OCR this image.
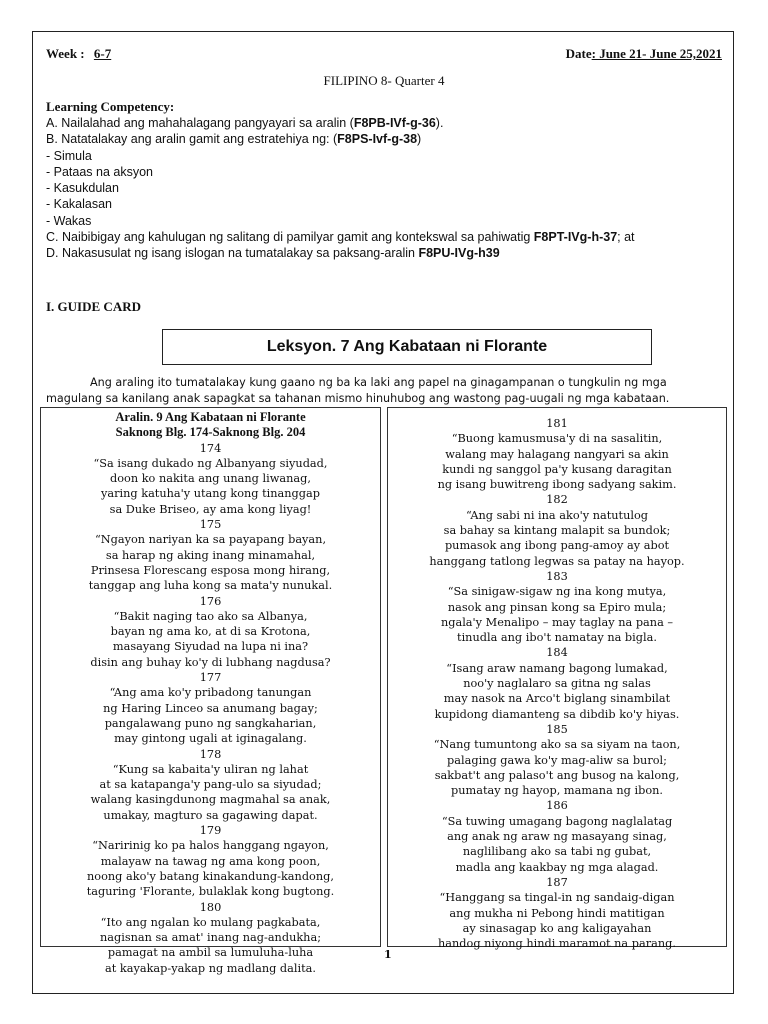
Week : 6-7	Date: June 21- June 25,2021
FILIPINO 8- Quarter 4
Learning Competency:
A. Nailalahad ang mahahalagang pangyayari sa aralin (F8PB-IVf-g-36).
B. Natatalakay ang aralin gamit ang estratehiya ng: (F8PS-Ivf-g-38)
- Simula
- Pataas na aksyon
- Kasukdulan
- Kakalasan
- Wakas
C. Naibibigay ang kahulugan ng salitang di pamilyar gamit ang kontekswal sa pahiwatig F8PT-IVg-h-37; at
D. Nakasusulat ng isang islogan na tumatalakay sa paksang-aralin F8PU-IVg-h39
I. GUIDE CARD
Leksyon. 7 Ang Kabataan ni Florante
Ang araling ito tumatalakay kung gaano ng ba ka laki ang papel na ginagampanan o tungkulin ng mga
magulang sa kanilang anak sapagkat sa tahanan mismo hinuhubog ang wastong pag-uugali ng mga kabataan.
Aralin. 9 Ang Kabataan ni Florante
Saknong Blg. 174-Saknong Blg. 204
174
“Sa isang dukado ng Albanyang siyudad,
doon ko nakita ang unang liwanag,
yaring katuha'y utang kong tinanggap
sa Duke Briseo, ay ama kong liyag!
175
“Ngayon nariyan ka sa payapang bayan,
sa harap ng aking inang minamahal,
Prinsesa Florescang esposa mong hirang,
tanggap ang luha kong sa mata'y nunukal.
176
“Bakit naging tao ako sa Albanya,
bayan ng ama ko, at di sa Krotona,
masayang Siyudad na lupa ni ina?
disin ang buhay ko'y di lubhang nagdusa?
177
“Ang ama ko'y pribadong tanungan
ng Haring Linceo sa anumang bagay;
pangalawang puno ng sangkaharian,
may gintong ugali at iginagalang.
178
“Kung sa kabaita'y uliran ng lahat
at sa katapanga'y pang-ulo sa siyudad;
walang kasingdunong magmahal sa anak,
umakay, magturo sa gagawing dapat.
179
“Naririnig ko pa halos hanggang ngayon,
malayaw na tawag ng ama kong poon,
noong ako'y batang kinakandung-kandong,
taguring 'Florante, bulaklak kong bugtong.
180
“Ito ang ngalan ko mulang pagkabata,
nagisnan sa amat' inang nag-andukha;
pamagat na ambil sa lumuluha-luha
at kayakap-yakap ng madlang dalita.
181
“Buong kamusmusa'y di na sasalitin,
walang may halagang nangyari sa akin
kundi ng sanggol pa'y kusang daragitan
ng isang buwitreng ibong sadyang sakim.
182
“Ang sabi ni ina ako'y natutulog
sa bahay sa kintang malapit sa bundok;
pumasok ang ibong pang-amoy ay abot
hanggang tatlong legwas sa patay na hayop.
183
“Sa sinigaw-sigaw ng ina kong mutya,
nasok ang pinsan kong sa Epiro mula;
ngala'y Menalipo – may taglay na pana –
tinudla ang ibo't namatay na bigla.
184
“Isang araw namang bagong lumakad,
noo'y naglalaro sa gitna ng salas
may nasok na Arco't biglang sinambilat
kupidong diamanteng sa dibdib ko'y hiyas.
185
“Nang tumuntong ako sa sa siyam na taon,
palaging gawa ko'y mag-aliw sa burol;
sakbat't ang palaso't ang busog na kalong,
pumatay ng hayop, mamana ng ibon.
186
“Sa tuwing umagang bagong naglalatag
ang anak ng araw ng masayang sinag,
naglilibang ako sa tabi ng gubat,
madla ang kaakbay ng mga alagad.
187
“Hanggang sa tingal-in ng sandaig-digan
ang mukha ni Pebong hindi matitigan
ay sinasagap ko ang kaligayahan
handog niyong hindi maramot na parang.
1
